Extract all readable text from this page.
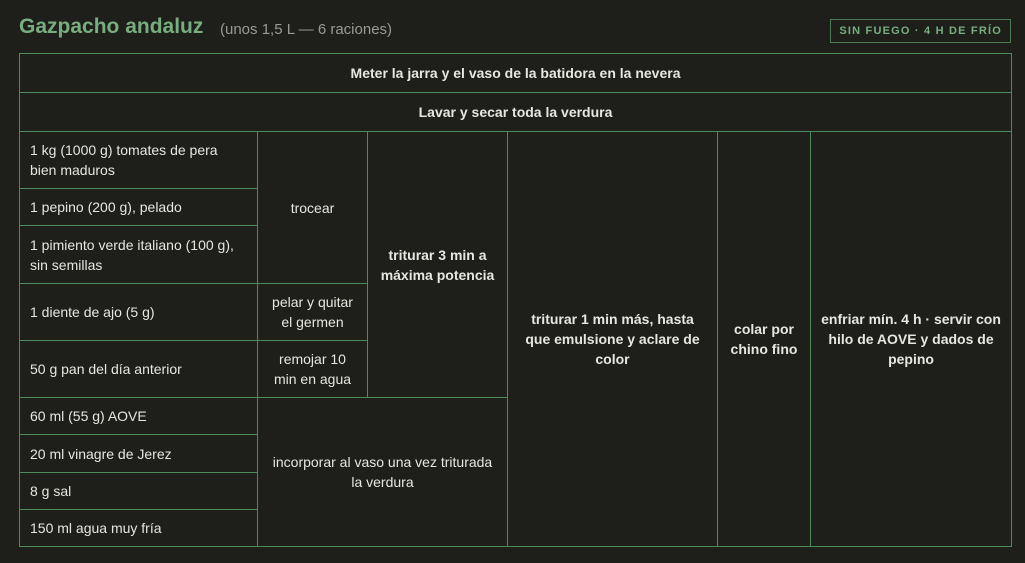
Gazpacho andaluz (unos 1,5 L — 6 raciones)	SIN FUEGO · 4 H DE FRÍO
Meter la jarra y el vaso de la batidora en la nevera					
Lavar y secar toda la verdura					
1 kg (1000 g) tomates de pera bien maduros	trocear	triturar 3 min a máxima potencia	triturar 1 min más, hasta que emulsione y aclare de color	colar por chino fino	enfriar mín. 4 h · servir con hilo de AOVE y dados de pepino
1 pepino (200 g), pelado					
1 pimiento verde italiano (100 g), sin semillas					
1 diente de ajo (5 g)	pelar y quitar el germen				
50 g pan del día anterior	remojar 10 min en agua				
60 ml (55 g) AOVE	incorporar al vaso una vez triturada la verdura				
20 ml vinagre de Jerez					
8 g sal					
150 ml agua muy fría					
